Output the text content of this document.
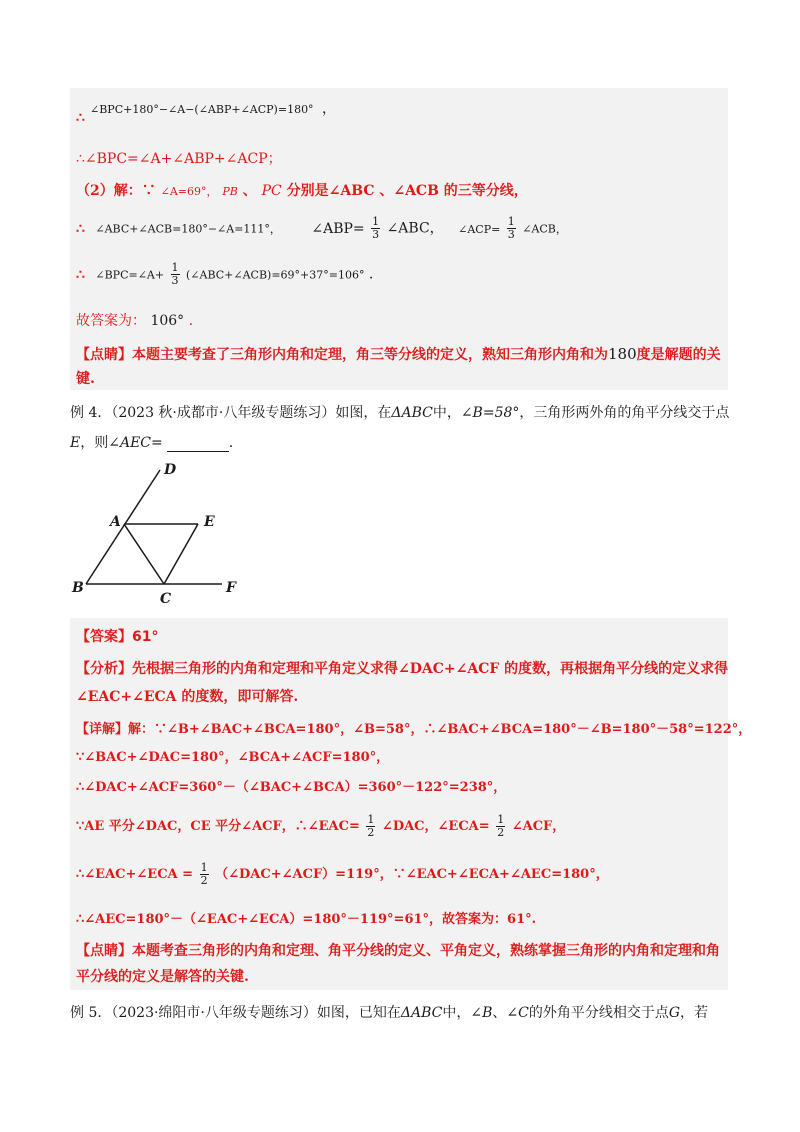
∠BPC+180°−∠A−(∠ABP+∠ACP)=180° ，
∴
∴∠BPC=∠A+∠ABP+∠ACP；
（2）解：∵ ∠A=69°， PB 、 PC 分别是∠ABC 、∠ACB 的三等分线，
∴ ∠ABC+∠ACB=180°−∠A=111°， ∠ABP= $\frac{1}{3}$ ∠ABC， ∠ACP= $\frac{1}{3}$ ∠ACB，
∴ ∠BPC=∠A+ $\frac{1}{3}$ (∠ABC+∠ACB)=69°+37°=106° .
故答案为： 106° .
【点睛】本题主要考查了三角形内角和定理，角三等分线的定义，熟知三角形内角和为180度是解题的关
键.
例 4．（2023 秋·成都市·八年级专题练习）如图，在ΔABC中，∠B=58°，三角形两外角的角平分线交于点
E，则∠AEC=	.
D
A	E
B
C
F
【答案】61°
【分析】先根据三角形的内角和定理和平角定义求得∠DAC+∠ACF 的度数，再根据角平分线的定义求得
∠EAC+∠ECA 的度数，即可解答.
【详解】解：∵∠B+∠BAC+∠BCA=180°，∠B=58°，∴∠BAC+∠BCA=180°－∠B=180°－58°=122°，
∵∠BAC+∠DAC=180°，∠BCA+∠ACF=180°，
∴∠DAC+∠ACF=360°－（∠BAC+∠BCA）=360°－122°=238°，
∵AE 平分∠DAC，CE 平分∠ACF，∴∠EAC= $\frac{1}{2}$ ∠DAC，∠ECA= $\frac{1}{2}$ ∠ACF，
∴∠EAC+∠ECA = $\frac{1}{2}$ （∠DAC+∠ACF）=119°，∵∠EAC+∠ECA+∠AEC=180°，
∴∠AEC=180°－（∠EAC+∠ECA）=180°－119°=61°，故答案为：61°.
【点睛】本题考查三角形的内角和定理、角平分线的定义、平角定义，熟练掌握三角形的内角和定理和角
平分线的定义是解答的关键.
例 5．（2023·绵阳市·八年级专题练习）如图，已知在ΔABC中，∠B、∠C的外角平分线相交于点G，若
